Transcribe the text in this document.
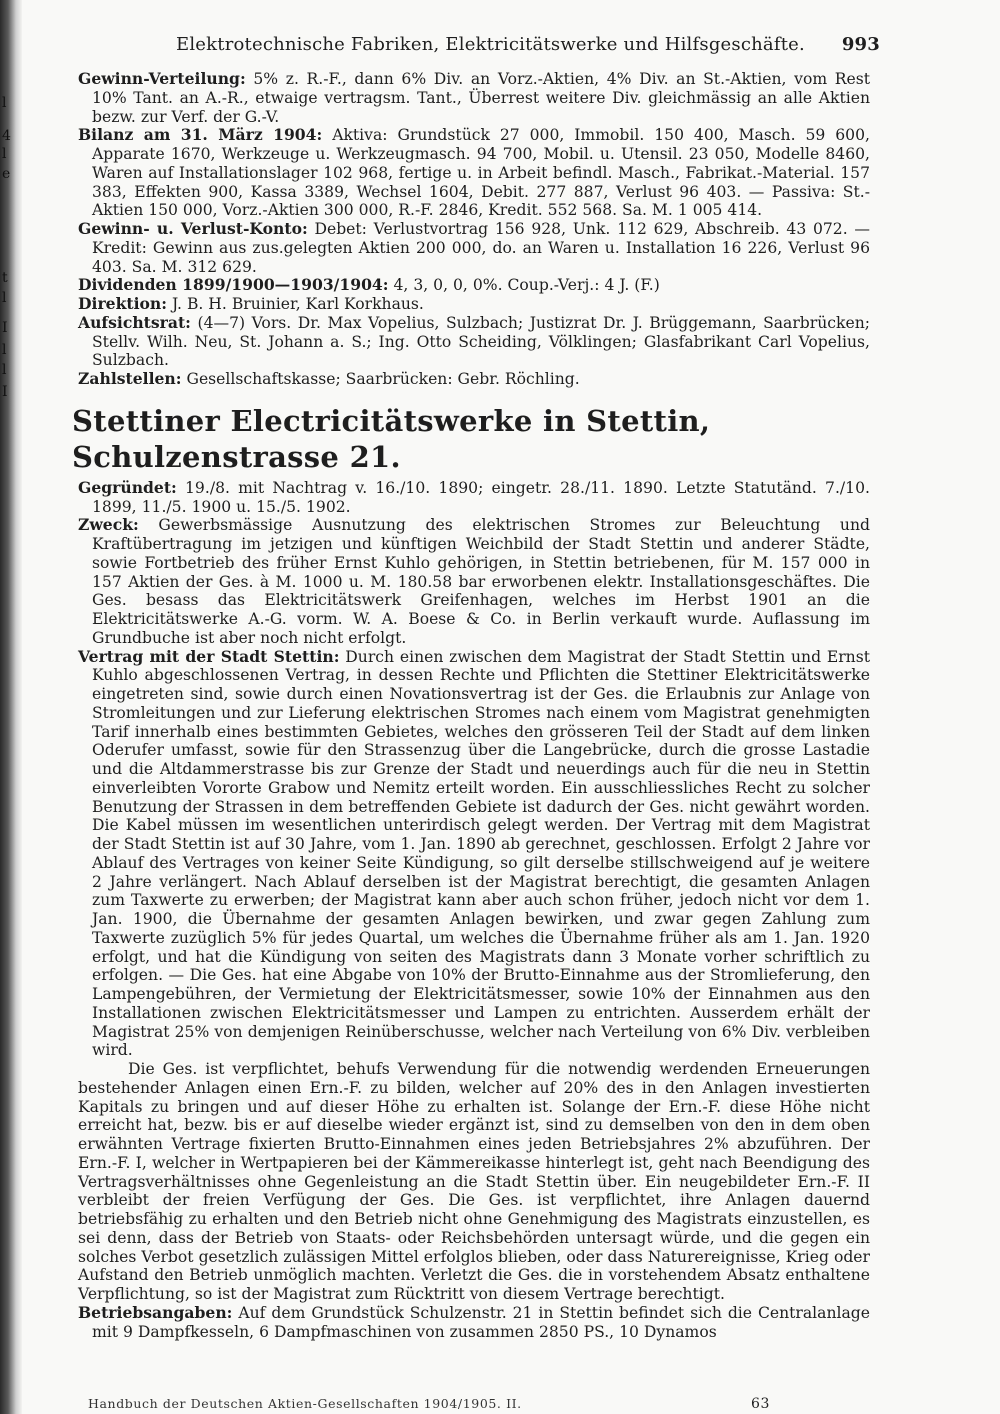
l
4
l
e
t
l
I
l
l
I
Elektrotechnische Fabriken, Elektricitätswerke und Hilfsgeschäfte. 993

Gewinn-Verteilung: 5% z. R.-F., dann 6% Div. an Vorz.-Aktien, 4% Div. an St.-Aktien, vom Rest 10% Tant. an A.-R., etwaige vertragsm. Tant., Überrest weitere Div. gleichmässig an alle Aktien bezw. zur Verf. der G.-V.

Bilanz am 31. März 1904: Aktiva: Grundstück 27 000, Immobil. 150 400, Masch. 59 600, Apparate 1670, Werkzeuge u. Werkzeugmasch. 94 700, Mobil. u. Utensil. 23 050, Modelle 8460, Waren auf Installationslager 102 968, fertige u. in Arbeit befindl. Masch., Fabrikat.-Material. 157 383, Effekten 900, Kassa 3389, Wechsel 1604, Debit. 277 887, Verlust 96 403. — Passiva: St.-Aktien 150 000, Vorz.-Aktien 300 000, R.-F. 2846, Kredit. 552 568. Sa. M. 1 005 414.

Gewinn- u. Verlust-Konto: Debet: Verlustvortrag 156 928, Unk. 112 629, Abschreib. 43 072. — Kredit: Gewinn aus zus.gelegten Aktien 200 000, do. an Waren u. Installation 16 226, Verlust 96 403. Sa. M. 312 629.

Dividenden 1899/1900—1903/1904: 4, 3, 0, 0, 0%. Coup.-Verj.: 4 J. (F.)

Direktion: J. B. H. Bruinier, Karl Korkhaus.

Aufsichtsrat: (4—7) Vors. Dr. Max Vopelius, Sulzbach; Justizrat Dr. J. Brüggemann, Saarbrücken; Stellv. Wilh. Neu, St. Johann a. S.; Ing. Otto Scheiding, Völklingen; Glasfabrikant Carl Vopelius, Sulzbach.

Zahlstellen: Gesellschaftskasse; Saarbrücken: Gebr. Röchling.

Stettiner Electricitätswerke in Stettin, Schulzenstrasse 21.

Gegründet: 19./8. mit Nachtrag v. 16./10. 1890; eingetr. 28./11. 1890. Letzte Statutänd. 7./10. 1899, 11./5. 1900 u. 15./5. 1902.

Zweck: Gewerbsmässige Ausnutzung des elektrischen Stromes zur Beleuchtung und Kraftübertragung im jetzigen und künftigen Weichbild der Stadt Stettin und anderer Städte, sowie Fortbetrieb des früher Ernst Kuhlo gehörigen, in Stettin betriebenen, für M. 157 000 in 157 Aktien der Ges. à M. 1000 u. M. 180.58 bar erworbenen elektr. Installationsgeschäftes. Die Ges. besass das Elektricitätswerk Greifenhagen, welches im Herbst 1901 an die Elektricitätswerke A.-G. vorm. W. A. Boese & Co. in Berlin verkauft wurde. Auflassung im Grundbuche ist aber noch nicht erfolgt.

Vertrag mit der Stadt Stettin: Durch einen zwischen dem Magistrat der Stadt Stettin und Ernst Kuhlo abgeschlossenen Vertrag, in dessen Rechte und Pflichten die Stettiner Elektricitätswerke eingetreten sind, sowie durch einen Novationsvertrag ist der Ges. die Erlaubnis zur Anlage von Stromleitungen und zur Lieferung elektrischen Stromes nach einem vom Magistrat genehmigten Tarif innerhalb eines bestimmten Gebietes, welches den grösseren Teil der Stadt auf dem linken Oderufer umfasst, sowie für den Strassenzug über die Langebrücke, durch die grosse Lastadie und die Altdammerstrasse bis zur Grenze der Stadt und neuerdings auch für die neu in Stettin einverleibten Vororte Grabow und Nemitz erteilt worden. Ein ausschliessliches Recht zu solcher Benutzung der Strassen in dem betreffenden Gebiete ist dadurch der Ges. nicht gewährt worden. Die Kabel müssen im wesentlichen unterirdisch gelegt werden. Der Vertrag mit dem Magistrat der Stadt Stettin ist auf 30 Jahre, vom 1. Jan. 1890 ab gerechnet, geschlossen. Erfolgt 2 Jahre vor Ablauf des Vertrages von keiner Seite Kündigung, so gilt derselbe stillschweigend auf je weitere 2 Jahre verlängert. Nach Ablauf derselben ist der Magistrat berechtigt, die gesamten Anlagen zum Taxwerte zu erwerben; der Magistrat kann aber auch schon früher, jedoch nicht vor dem 1. Jan. 1900, die Übernahme der gesamten Anlagen bewirken, und zwar gegen Zahlung zum Taxwerte zuzüglich 5% für jedes Quartal, um welches die Übernahme früher als am 1. Jan. 1920 erfolgt, und hat die Kündigung von seiten des Magistrats dann 3 Monate vorher schriftlich zu erfolgen. — Die Ges. hat eine Abgabe von 10% der Brutto-Einnahme aus der Stromlieferung, den Lampengebühren, der Vermietung der Elektricitätsmesser, sowie 10% der Einnahmen aus den Installationen zwischen Elektricitätsmesser und Lampen zu entrichten. Ausserdem erhält der Magistrat 25% von demjenigen Reinüberschusse, welcher nach Verteilung von 6% Div. verbleiben wird.

Die Ges. ist verpflichtet, behufs Verwendung für die notwendig werdenden Erneuerungen bestehender Anlagen einen Ern.-F. zu bilden, welcher auf 20% des in den Anlagen investierten Kapitals zu bringen und auf dieser Höhe zu erhalten ist. Solange der Ern.-F. diese Höhe nicht erreicht hat, bezw. bis er auf dieselbe wieder ergänzt ist, sind zu demselben von den in dem oben erwähnten Vertrage fixierten Brutto-Einnahmen eines jeden Betriebsjahres 2% abzuführen. Der Ern.-F. I, welcher in Wertpapieren bei der Kämmereikasse hinterlegt ist, geht nach Beendigung des Vertragsverhältnisses ohne Gegenleistung an die Stadt Stettin über. Ein neugebildeter Ern.-F. II verbleibt der freien Verfügung der Ges. Die Ges. ist verpflichtet, ihre Anlagen dauernd betriebsfähig zu erhalten und den Betrieb nicht ohne Genehmigung des Magistrats einzustellen, es sei denn, dass der Betrieb von Staats- oder Reichsbehörden untersagt würde, und die gegen ein solches Verbot gesetzlich zulässigen Mittel erfolglos blieben, oder dass Naturereignisse, Krieg oder Aufstand den Betrieb unmöglich machten. Verletzt die Ges. die in vorstehendem Absatz enthaltene Verpflichtung, so ist der Magistrat zum Rücktritt von diesem Vertrage berechtigt.

Betriebsangaben: Auf dem Grundstück Schulzenstr. 21 in Stettin befindet sich die Centralanlage mit 9 Dampfkesseln, 6 Dampfmaschinen von zusammen 2850 PS., 10 Dynamos

Handbuch der Deutschen Aktien-Gesellschaften 1904/1905. II.	63
